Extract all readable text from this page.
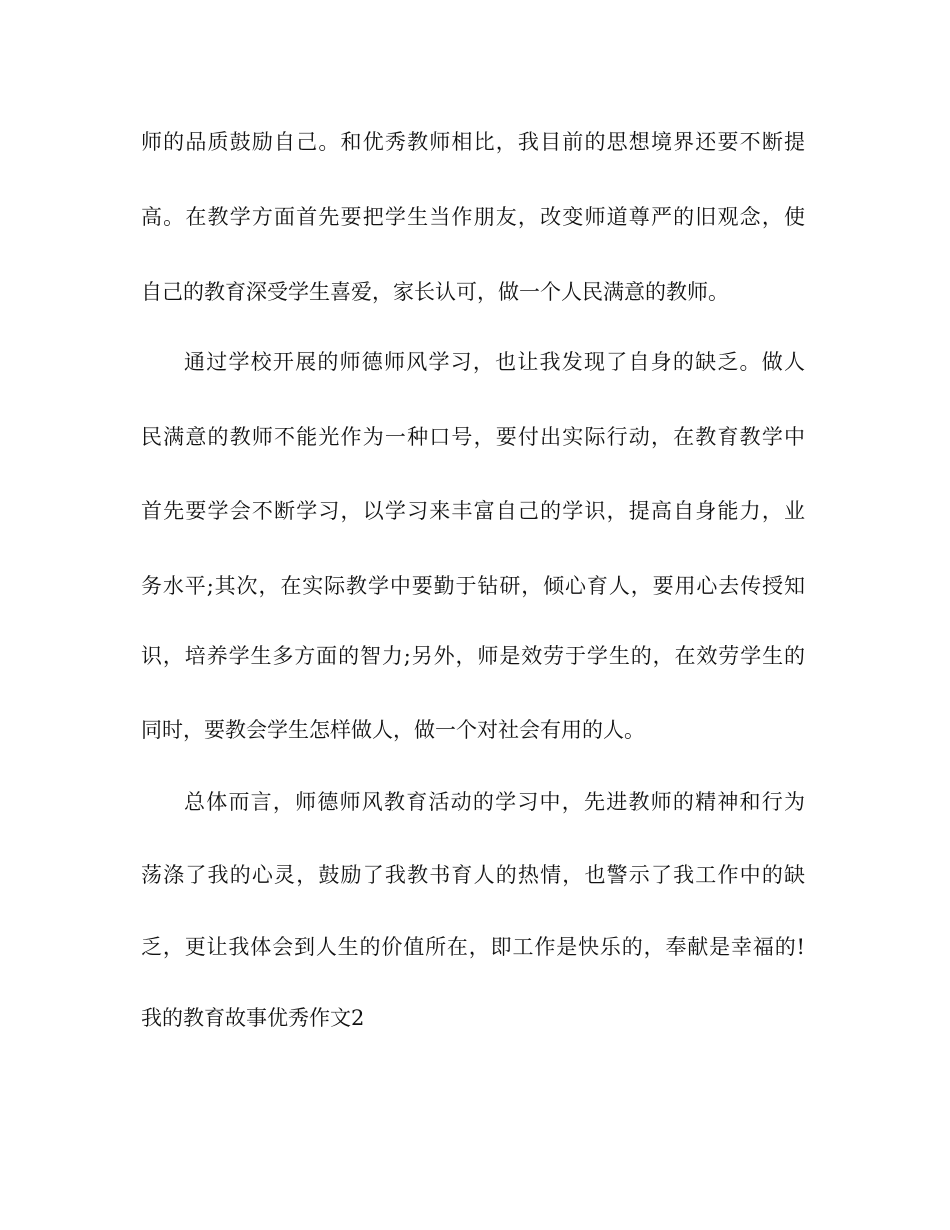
师的品质鼓励自己。和优秀教师相比，我目前的思想境界还要不断提
高。在教学方面首先要把学生当作朋友，改变师道尊严的旧观念，使
自己的教育深受学生喜爱，家长认可，做一个人民满意的教师。
通过学校开展的师德师风学习，也让我发现了自身的缺乏。做人
民满意的教师不能光作为一种口号，要付出实际行动，在教育教学中
首先要学会不断学习，以学习来丰富自己的学识，提高自身能力，业
务水平;其次，在实际教学中要勤于钻研，倾心育人，要用心去传授知
识，培养学生多方面的智力;另外，师是效劳于学生的，在效劳学生的
同时，要教会学生怎样做人，做一个对社会有用的人。
总体而言，师德师风教育活动的学习中，先进教师的精神和行为
荡涤了我的心灵，鼓励了我教书育人的热情，也警示了我工作中的缺
乏，更让我体会到人生的价值所在，即工作是快乐的，奉献是幸福的!
我的教育故事优秀作文2
